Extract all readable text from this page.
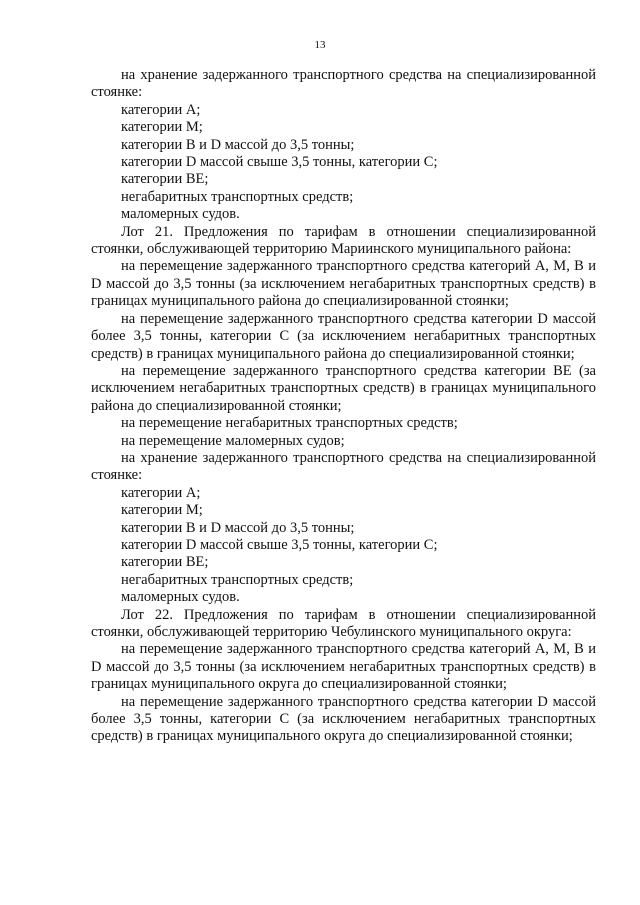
13

на хранение задержанного транспортного средства на специализированной стоянке:

категории А;

категории М;

категории В и D массой до 3,5 тонны;

категории D массой свыше 3,5 тонны, категории С;

категории ВЕ;

негабаритных транспортных средств;

маломерных судов.

Лот 21. Предложения по тарифам в отношении специализированной стоянки, обслуживающей территорию Мариинского муниципального района:

на перемещение задержанного транспортного средства категорий А, М, В и D массой до 3,5 тонны (за исключением негабаритных транспортных средств) в границах муниципального района до специализированной стоянки;

на перемещение задержанного транспортного средства категории D массой более 3,5 тонны, категории С (за исключением негабаритных транспортных средств) в границах муниципального района до специализированной стоянки;

на перемещение задержанного транспортного средства категории ВЕ (за исключением негабаритных транспортных средств) в границах муниципального района до специализированной стоянки;

на перемещение негабаритных транспортных средств;

на перемещение маломерных судов;

на хранение задержанного транспортного средства на специализированной стоянке:

категории А;

категории М;

категории В и D массой до 3,5 тонны;

категории D массой свыше 3,5 тонны, категории С;

категории ВЕ;

негабаритных транспортных средств;

маломерных судов.

Лот 22. Предложения по тарифам в отношении специализированной стоянки, обслуживающей территорию Чебулинского муниципального округа:

на перемещение задержанного транспортного средства категорий А, М, В и D массой до 3,5 тонны (за исключением негабаритных транспортных средств) в границах муниципального округа до специализированной стоянки;

на перемещение задержанного транспортного средства категории D массой более 3,5 тонны, категории С (за исключением негабаритных транспортных средств) в границах муниципального округа до специализированной стоянки;
